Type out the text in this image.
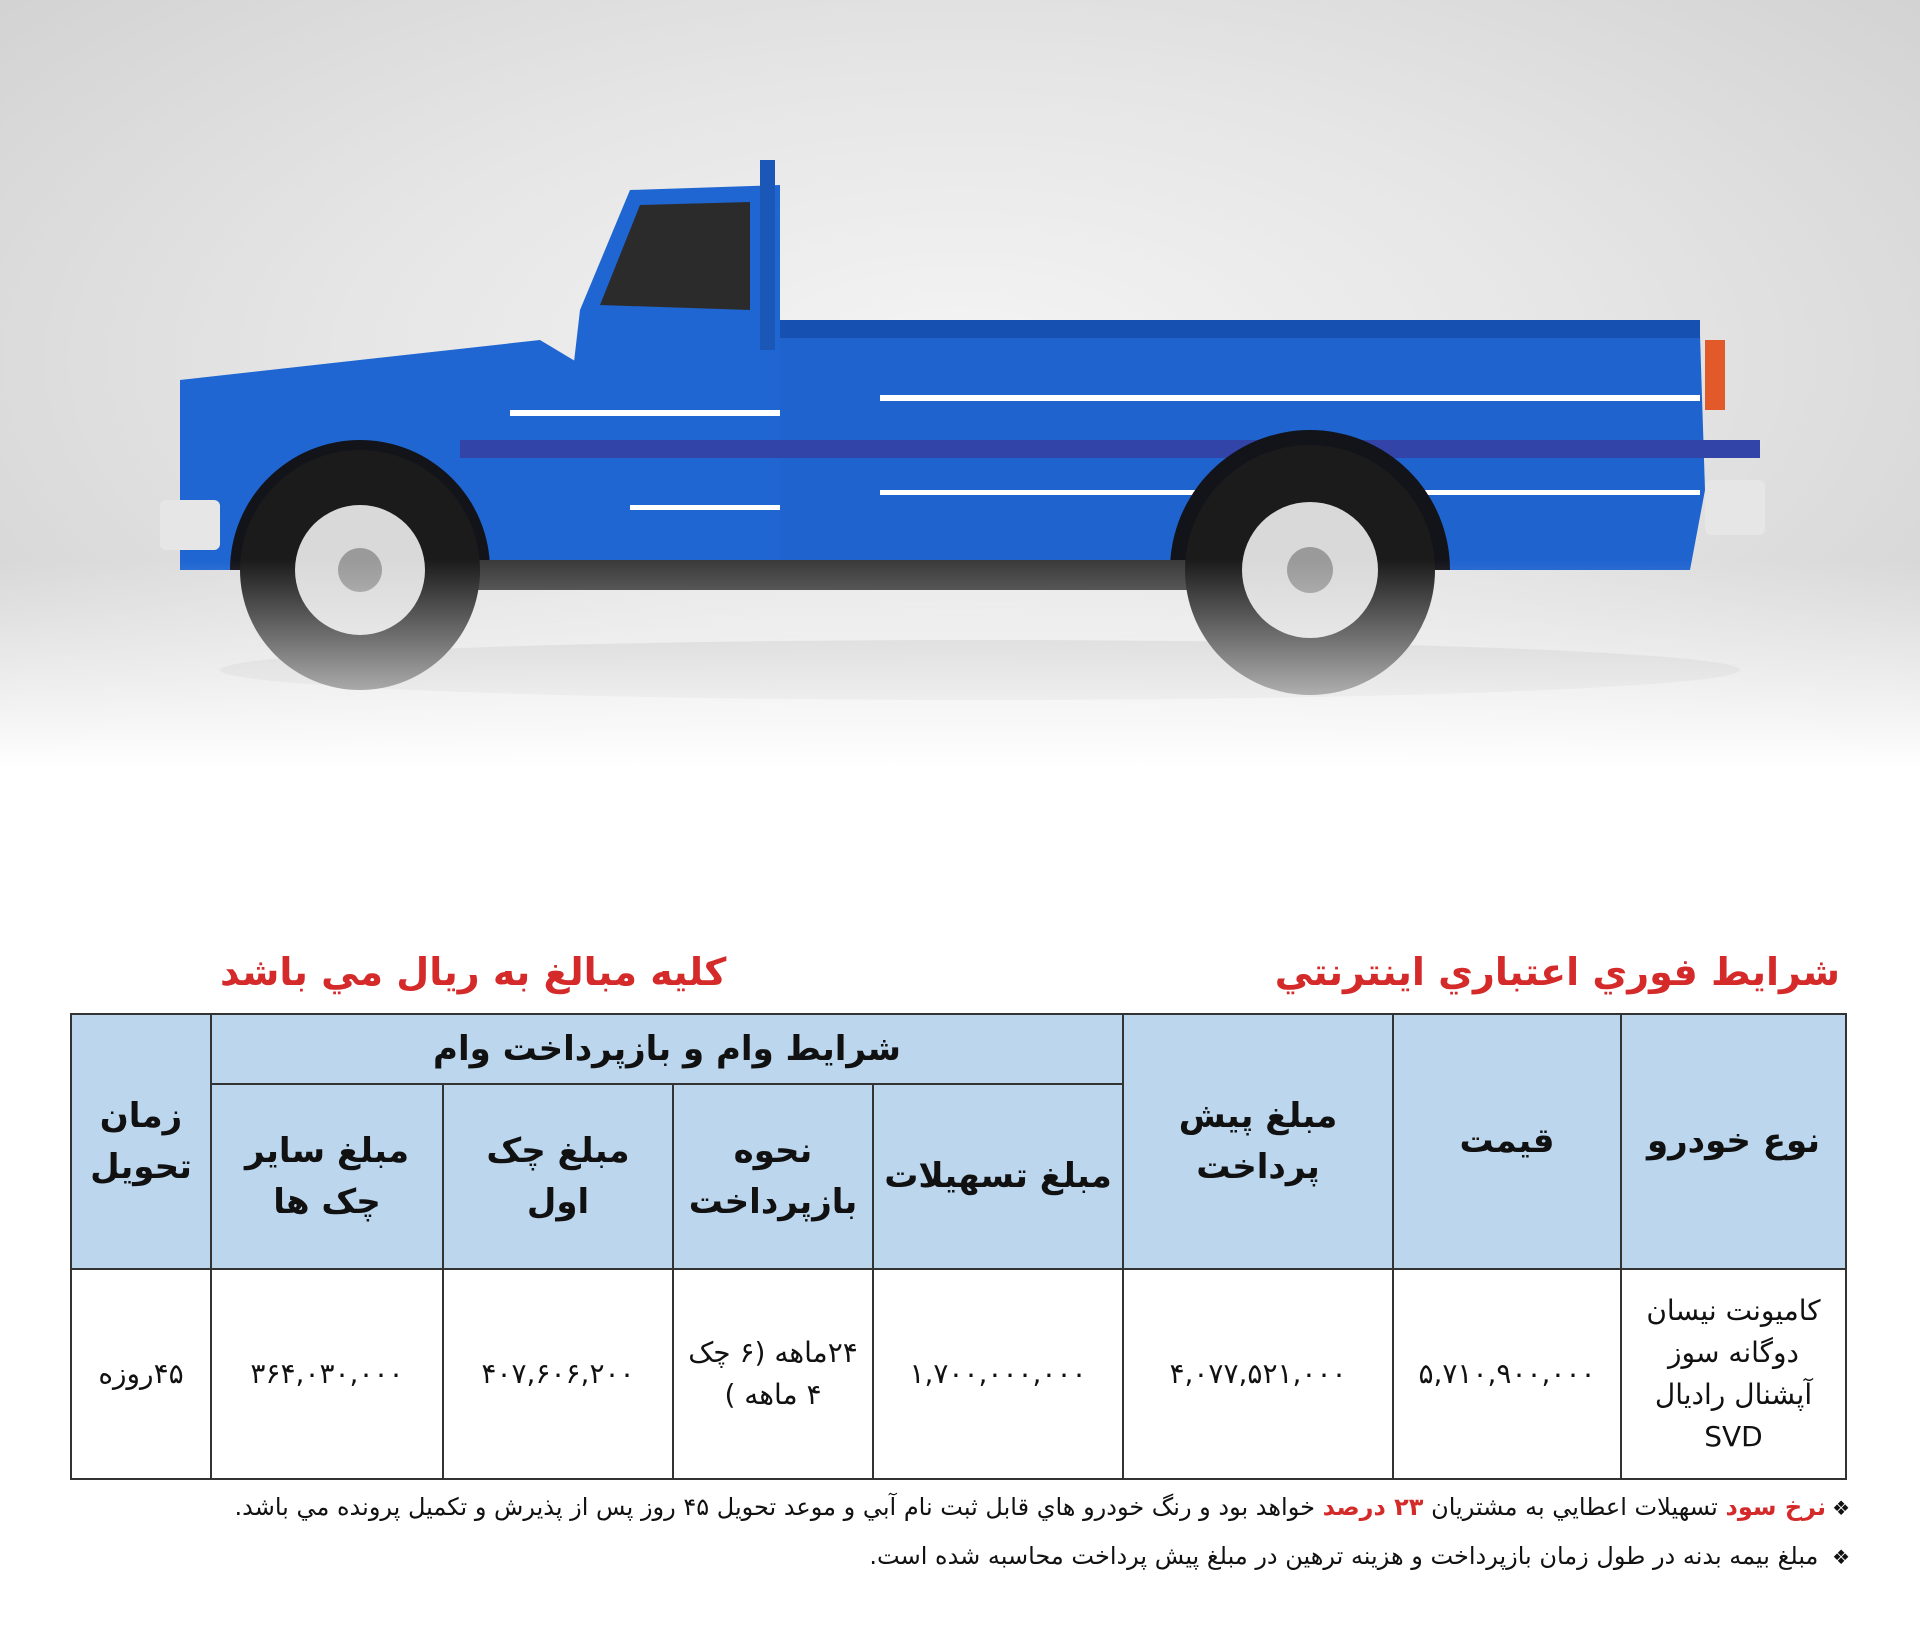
شرايط فوري اعتباري اينترنتي
كليه مبالغ به ريال مي باشد
نوع خودرو	قيمت	مبلغ پيش پرداخت	شرايط وام و بازپرداخت وام				زمان تحويل
			مبلغ تسهيلات	نحوه بازپرداخت	مبلغ چک اول	مبلغ ساير چک ها	
كاميونت نيسان دوگانه سوز آپشنال راديال SVD	۵,۷۱۰,۹۰۰,۰۰۰	۴,۰۷۷,۵۲۱,۰۰۰	۱,۷۰۰,۰۰۰,۰۰۰	۲۴ماهه (۶ چک ۴ ماهه )	۴۰۷,۶۰۶,۲۰۰	۳۶۴,۰۳۰,۰۰۰	۴۵روزه
❖نرخ سود تسهيلات اعطايي به مشتريان ۲۳ درصد خواهد بود و رنگ خودرو هاي قابل ثبت نام آبي و موعد تحويل ۴۵ روز پس از پذيرش و تكميل پرونده مي باشد.
❖ مبلغ بيمه بدنه در طول زمان بازپرداخت و هزينه ترهين در مبلغ پيش پرداخت محاسبه شده است.
